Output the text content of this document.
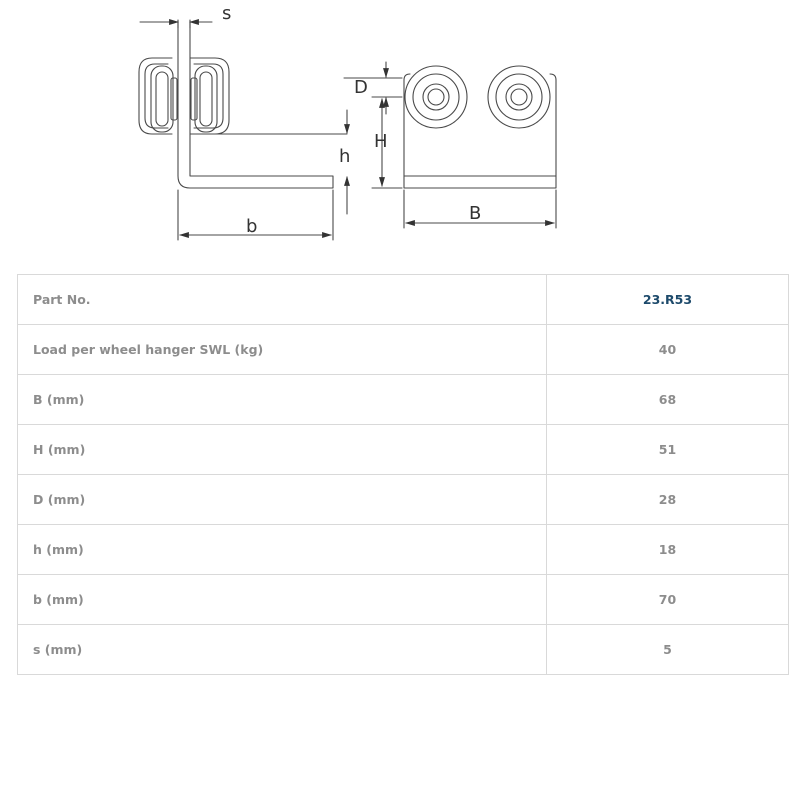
s
D
H
h
b
B
Part No.	23.R53
Load per wheel hanger SWL (kg)	40
B (mm)	68
H (mm)	51
D (mm)	28
h (mm)	18
b (mm)	70
s (mm)	5
